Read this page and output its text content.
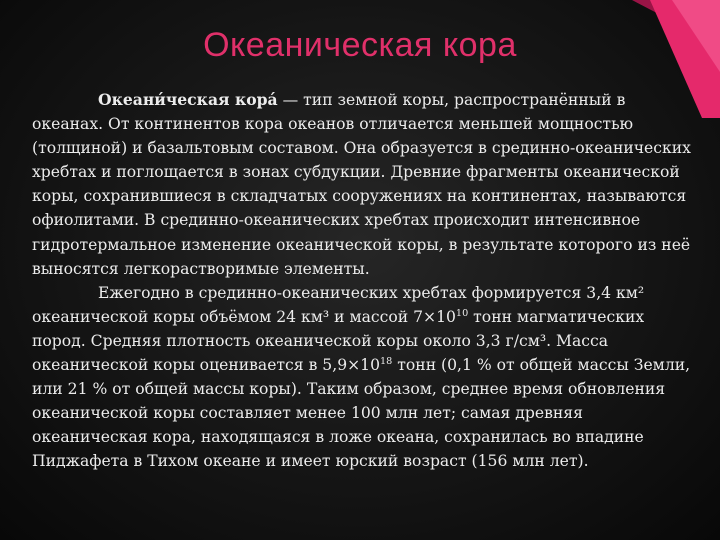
Океаническая кора

Океани́ческая кора́ — тип земной коры, распространённый в океанах. От континентов кора океанов отличается меньшей мощностью (толщиной) и базальтовым составом. Она образуется в срединно-океанических хребтах и поглощается в зонах субдукции. Древние фрагменты океанической коры, сохранившиеся в складчатых сооружениях на континентах, называются офиолитами. В срединно-океанических хребтах происходит интенсивное гидротермальное изменение океанической коры, в результате которого из неё выносятся легкорастворимые элементы.

Ежегодно в срединно-океанических хребтах формируется 3,4 км² океанической коры объёмом 24 км³ и массой $7\times 10^{10}$ тонн магматических пород. Средняя плотность океанической коры около 3,3 г/см³. Масса океанической коры оценивается в $5,9\times 10^{18}$ тонн (0,1 % от общей массы Земли, или 21 % от общей массы коры). Таким образом, среднее время обновления океанической коры составляет менее 100 млн лет; самая древняя океаническая кора, находящаяся в ложе океана, сохранилась во впадине Пиджафета в Тихом океане и имеет юрский возраст (156 млн лет).
